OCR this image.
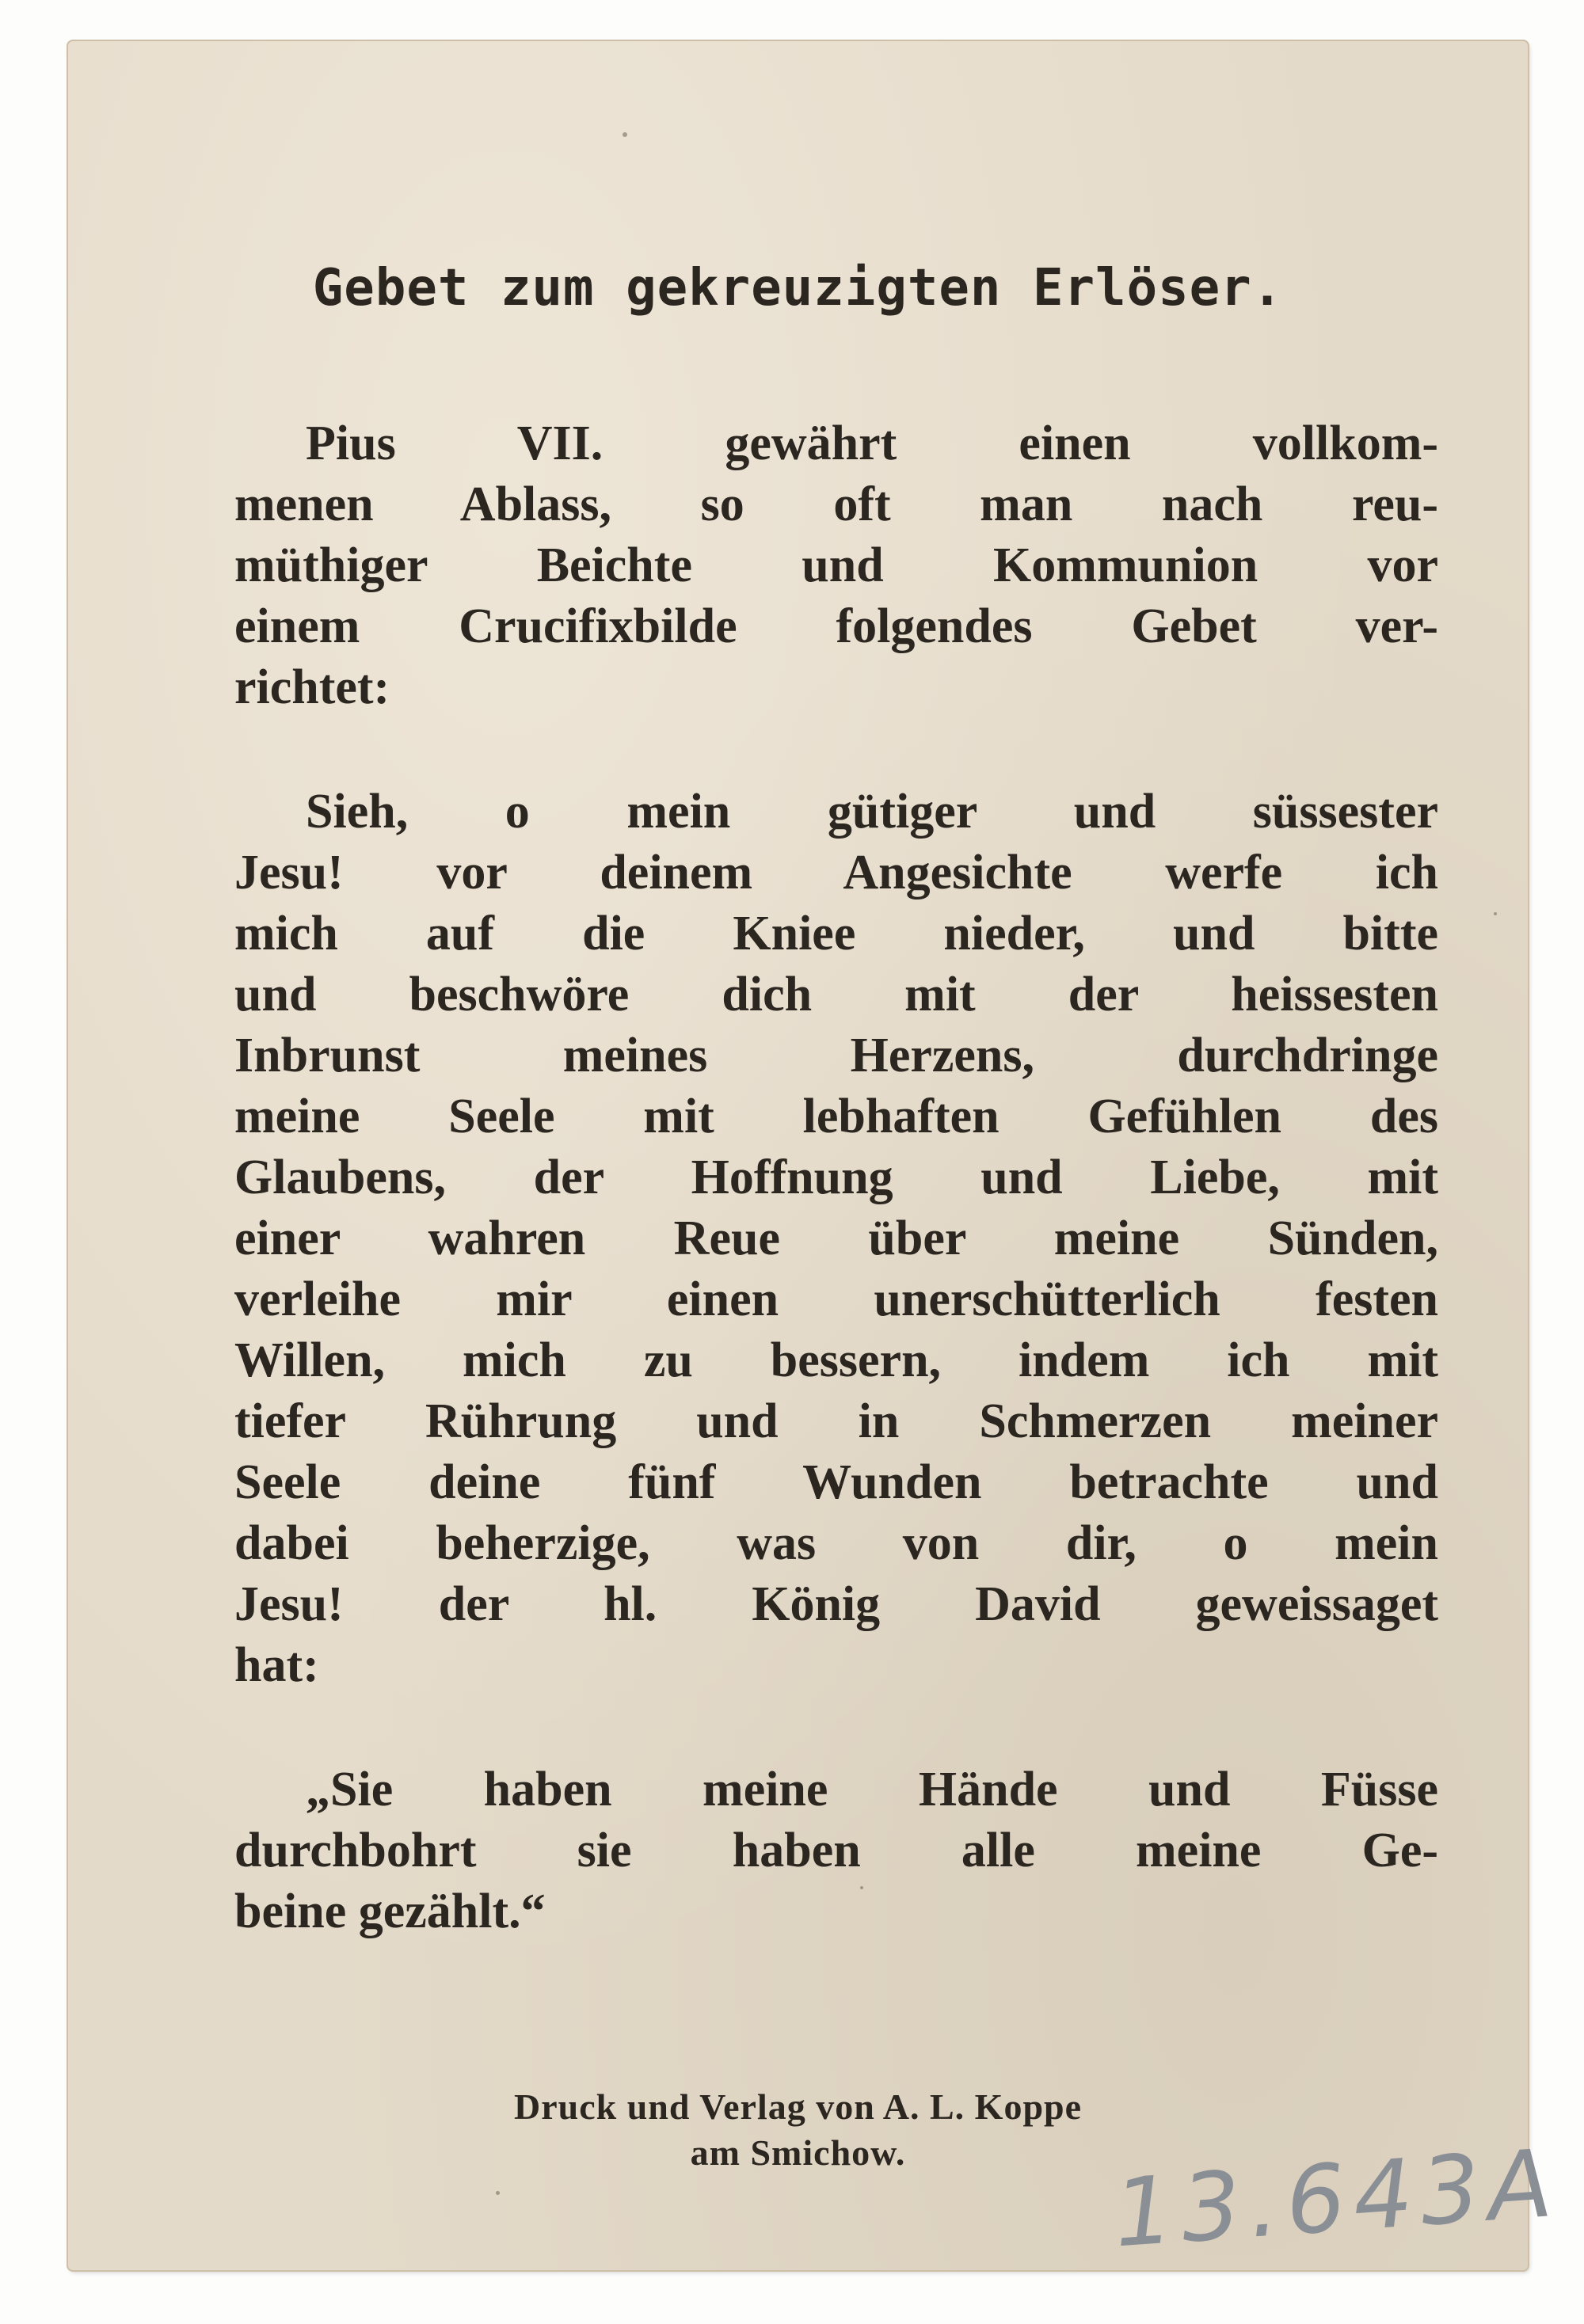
Gebet zum gekreuzigten Erlöser.
Pius VII. gewährt einen vollkom-
menen Ablass, so oft man nach reu-
müthiger Beichte und Kommunion vor
einem Crucifixbilde folgendes Gebet ver-
richtet:
Sieh, o mein gütiger und süssester
Jesu! vor deinem Angesichte werfe ich
mich auf die Kniee nieder, und bitte
und beschwöre dich mit der heissesten
Inbrunst meines Herzens, durchdringe
meine Seele mit lebhaften Gefühlen des
Glaubens, der Hoffnung und Liebe, mit
einer wahren Reue über meine Sünden,
verleihe mir einen unerschütterlich festen
Willen, mich zu bessern, indem ich mit
tiefer Rührung und in Schmerzen meiner
Seele deine fünf Wunden betrachte und
dabei beherzige, was von dir, o mein
Jesu! der hl. König David geweissaget
hat:
„Sie haben meine Hände und Füsse
durchbohrt sie haben alle meine Ge-
beine gezählt.“
Druck und Verlag von A. L. Koppe
am Smichow.	13.643A
